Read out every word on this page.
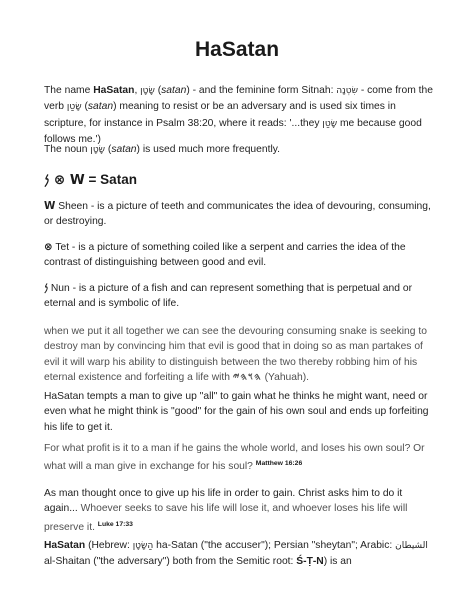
HaSatan

The name HaSatan, שָׂטָן (satan) - and the feminine form Sitnah: שִׂטְנָה - come from the verb שָׂטַן (satan) meaning to resist or be an adversary and is used six times in scripture, for instance in Psalm 38:20, where it reads: '...they שָׂטַן me because good follows me.')

The noun שָׂטָן (satan) is used much more frequently.

𐤍 ⊗ W = Satan

W Sheen - is a picture of teeth and communicates the idea of devouring, consuming, or destroying.

⊗ Tet - is a picture of something coiled like a serpent and carries the idea of the contrast of distinguishing between good and evil.

𐤍 Nun - is a picture of a fish and can represent something that is perpetual and or eternal and is symbolic of life.

when we put it all together we can see the devouring consuming snake is seeking to destroy man by convincing him that evil is good that in doing so as man partakes of evil it will warp his ability to distinguish between the two thereby robbing him of his eternal existence and forfeiting a life with 𐤄𐤅𐤄𐤉 (Yahuah).

HaSatan tempts a man to give up "all" to gain what he thinks he might want, need or even what he might think is "good" for the gain of his own soul and ends up forfeiting his life to get it.

For what profit is it to a man if he gains the whole world, and loses his own soul? Or what will a man give in exchange for his soul? $^{Matthew 16:26}$

As man thought once to give up his life in order to gain. Christ asks him to do it again... Whoever seeks to save his life will lose it, and whoever loses his life will preserve it. $^{Luke 17:33}$

HaSatan (Hebrew: הַשָּׂטָן ha-Satan ("the accuser"); Persian "sheytan"; Arabic: الشيطان al-Shaitan ("the adversary") both from the Semitic root: Ś-Ṭ-N) is an
